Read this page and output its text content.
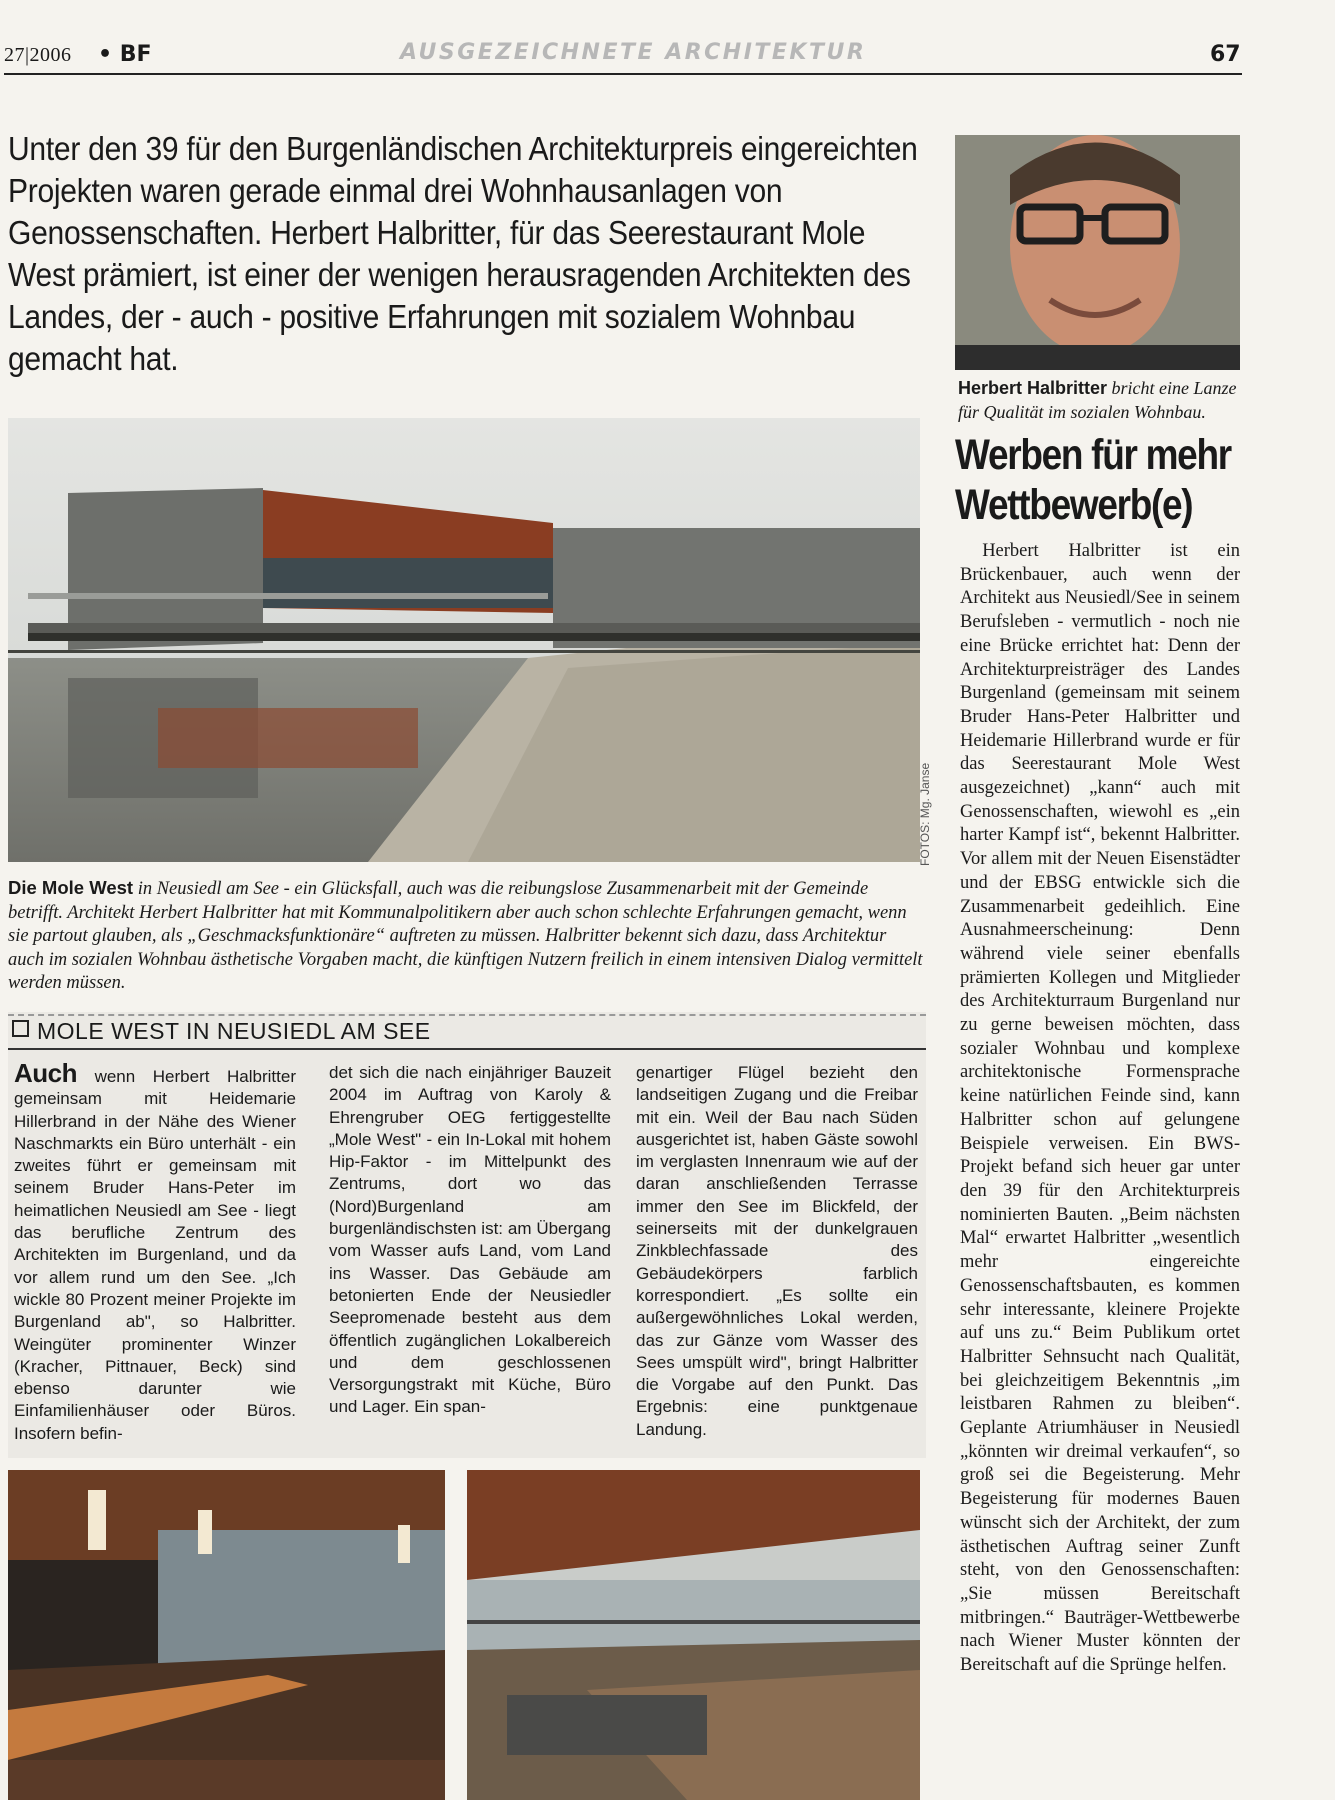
27|2006 • BF	AUSGEZEICHNETE ARCHITEKTUR	67
Unter den 39 für den Burgenländischen Architekturpreis eingereichten Projekten waren gerade einmal drei Wohnhausanlagen von Genossenschaften. Herbert Halbritter, für das Seerestaurant Mole West prämiert, ist einer der wenigen herausragenden Architekten des Landes, der - auch - positive Erfahrungen mit sozialem Wohnbau gemacht hat.
FOTOS: Mg. Janse
Die Mole West in Neusiedl am See - ein Glücksfall, auch was die reibungslose Zusammenarbeit mit der Gemeinde betrifft. Architekt Herbert Halbritter hat mit Kommunalpolitikern aber auch schon schlechte Erfahrungen gemacht, wenn sie partout glauben, als „Geschmacksfunktionäre“ auftreten zu müssen. Halbritter bekennt sich dazu, dass Architektur auch im sozialen Wohnbau ästhetische Vorgaben macht, die künftigen Nutzern freilich in einem intensiven Dialog vermittelt werden müssen.
MOLE WEST IN NEUSIEDL AM SEE
Auch wenn Herbert Halbritter gemeinsam mit Heidemarie Hillerbrand in der Nähe des Wiener Naschmarkts ein Büro unterhält - ein zweites führt er gemeinsam mit seinem Bruder Hans-Peter im heimatlichen Neusiedl am See - liegt das berufliche Zentrum des Architekten im Burgenland, und da vor allem rund um den See. „Ich wickle 80 Prozent meiner Projekte im Burgenland ab", so Halbritter. Weingüter prominenter Winzer (Kracher, Pittnauer, Beck) sind ebenso darunter wie Einfamilienhäuser oder Büros. Insofern befin-
det sich die nach einjähriger Bauzeit 2004 im Auftrag von Karoly & Ehrengruber OEG fertiggestellte „Mole West" - ein In-Lokal mit hohem Hip-Faktor - im Mittelpunkt des Zentrums, dort wo das (Nord)Burgenland am burgenländischsten ist: am Übergang vom Wasser aufs Land, vom Land ins Wasser. Das Gebäude am betonierten Ende der Neusiedler Seepromenade besteht aus dem öffentlich zugänglichen Lokalbereich und dem geschlossenen Versorgungstrakt mit Küche, Büro und Lager. Ein span-
genartiger Flügel bezieht den landseitigen Zugang und die Freibar mit ein. Weil der Bau nach Süden ausgerichtet ist, haben Gäste sowohl im verglasten Innenraum wie auf der daran anschließenden Terrasse immer den See im Blickfeld, der seinerseits mit der dunkelgrauen Zinkblechfassade des Gebäudekörpers farblich korrespondiert. „Es sollte ein außergewöhnliches Lokal werden, das zur Gänze vom Wasser des Sees umspült wird", bringt Halbritter die Vorgabe auf den Punkt. Das Ergebnis: eine punktgenaue Landung.
Herbert Halbritter bricht eine Lanze für Qualität im sozialen Wohnbau.
Werben für mehr Wettbewerb(e)
Herbert Halbritter ist ein Brückenbauer, auch wenn der Architekt aus Neusiedl/See in seinem Berufsleben - vermutlich - noch nie eine Brücke errichtet hat: Denn der Architekturpreisträger des Landes Burgenland (gemeinsam mit seinem Bruder Hans-Peter Halbritter und Heidemarie Hillerbrand wurde er für das Seerestaurant Mole West ausgezeichnet) „kann“ auch mit Genossenschaften, wiewohl es „ein harter Kampf ist“, bekennt Halbritter. Vor allem mit der Neuen Eisenstädter und der EBSG entwickle sich die Zusammenarbeit gedeihlich. Eine Ausnahmeerscheinung: Denn während viele seiner ebenfalls prämierten Kollegen und Mitglieder des Architekturraum Burgenland nur zu gerne beweisen möchten, dass sozialer Wohnbau und komplexe architektonische Formensprache keine natürlichen Feinde sind, kann Halbritter schon auf gelungene Beispiele verweisen. Ein BWS-Projekt befand sich heuer gar unter den 39 für den Architekturpreis nominierten Bauten. „Beim nächsten Mal“ erwartet Halbritter „wesentlich mehr eingereichte Genossenschaftsbauten, es kommen sehr interessante, kleinere Projekte auf uns zu.“ Beim Publikum ortet Halbritter Sehnsucht nach Qualität, bei gleichzeitigem Bekenntnis „im leistbaren Rahmen zu bleiben“. Geplante Atriumhäuser in Neusiedl „könnten wir dreimal verkaufen“, so groß sei die Begeisterung. Mehr Begeisterung für modernes Bauen wünscht sich der Architekt, der zum ästhetischen Auftrag seiner Zunft steht, von den Genossenschaften: „Sie müssen Bereitschaft mitbringen.“ Bauträger-Wettbewerbe nach Wiener Muster könnten der Bereitschaft auf die Sprünge helfen.
